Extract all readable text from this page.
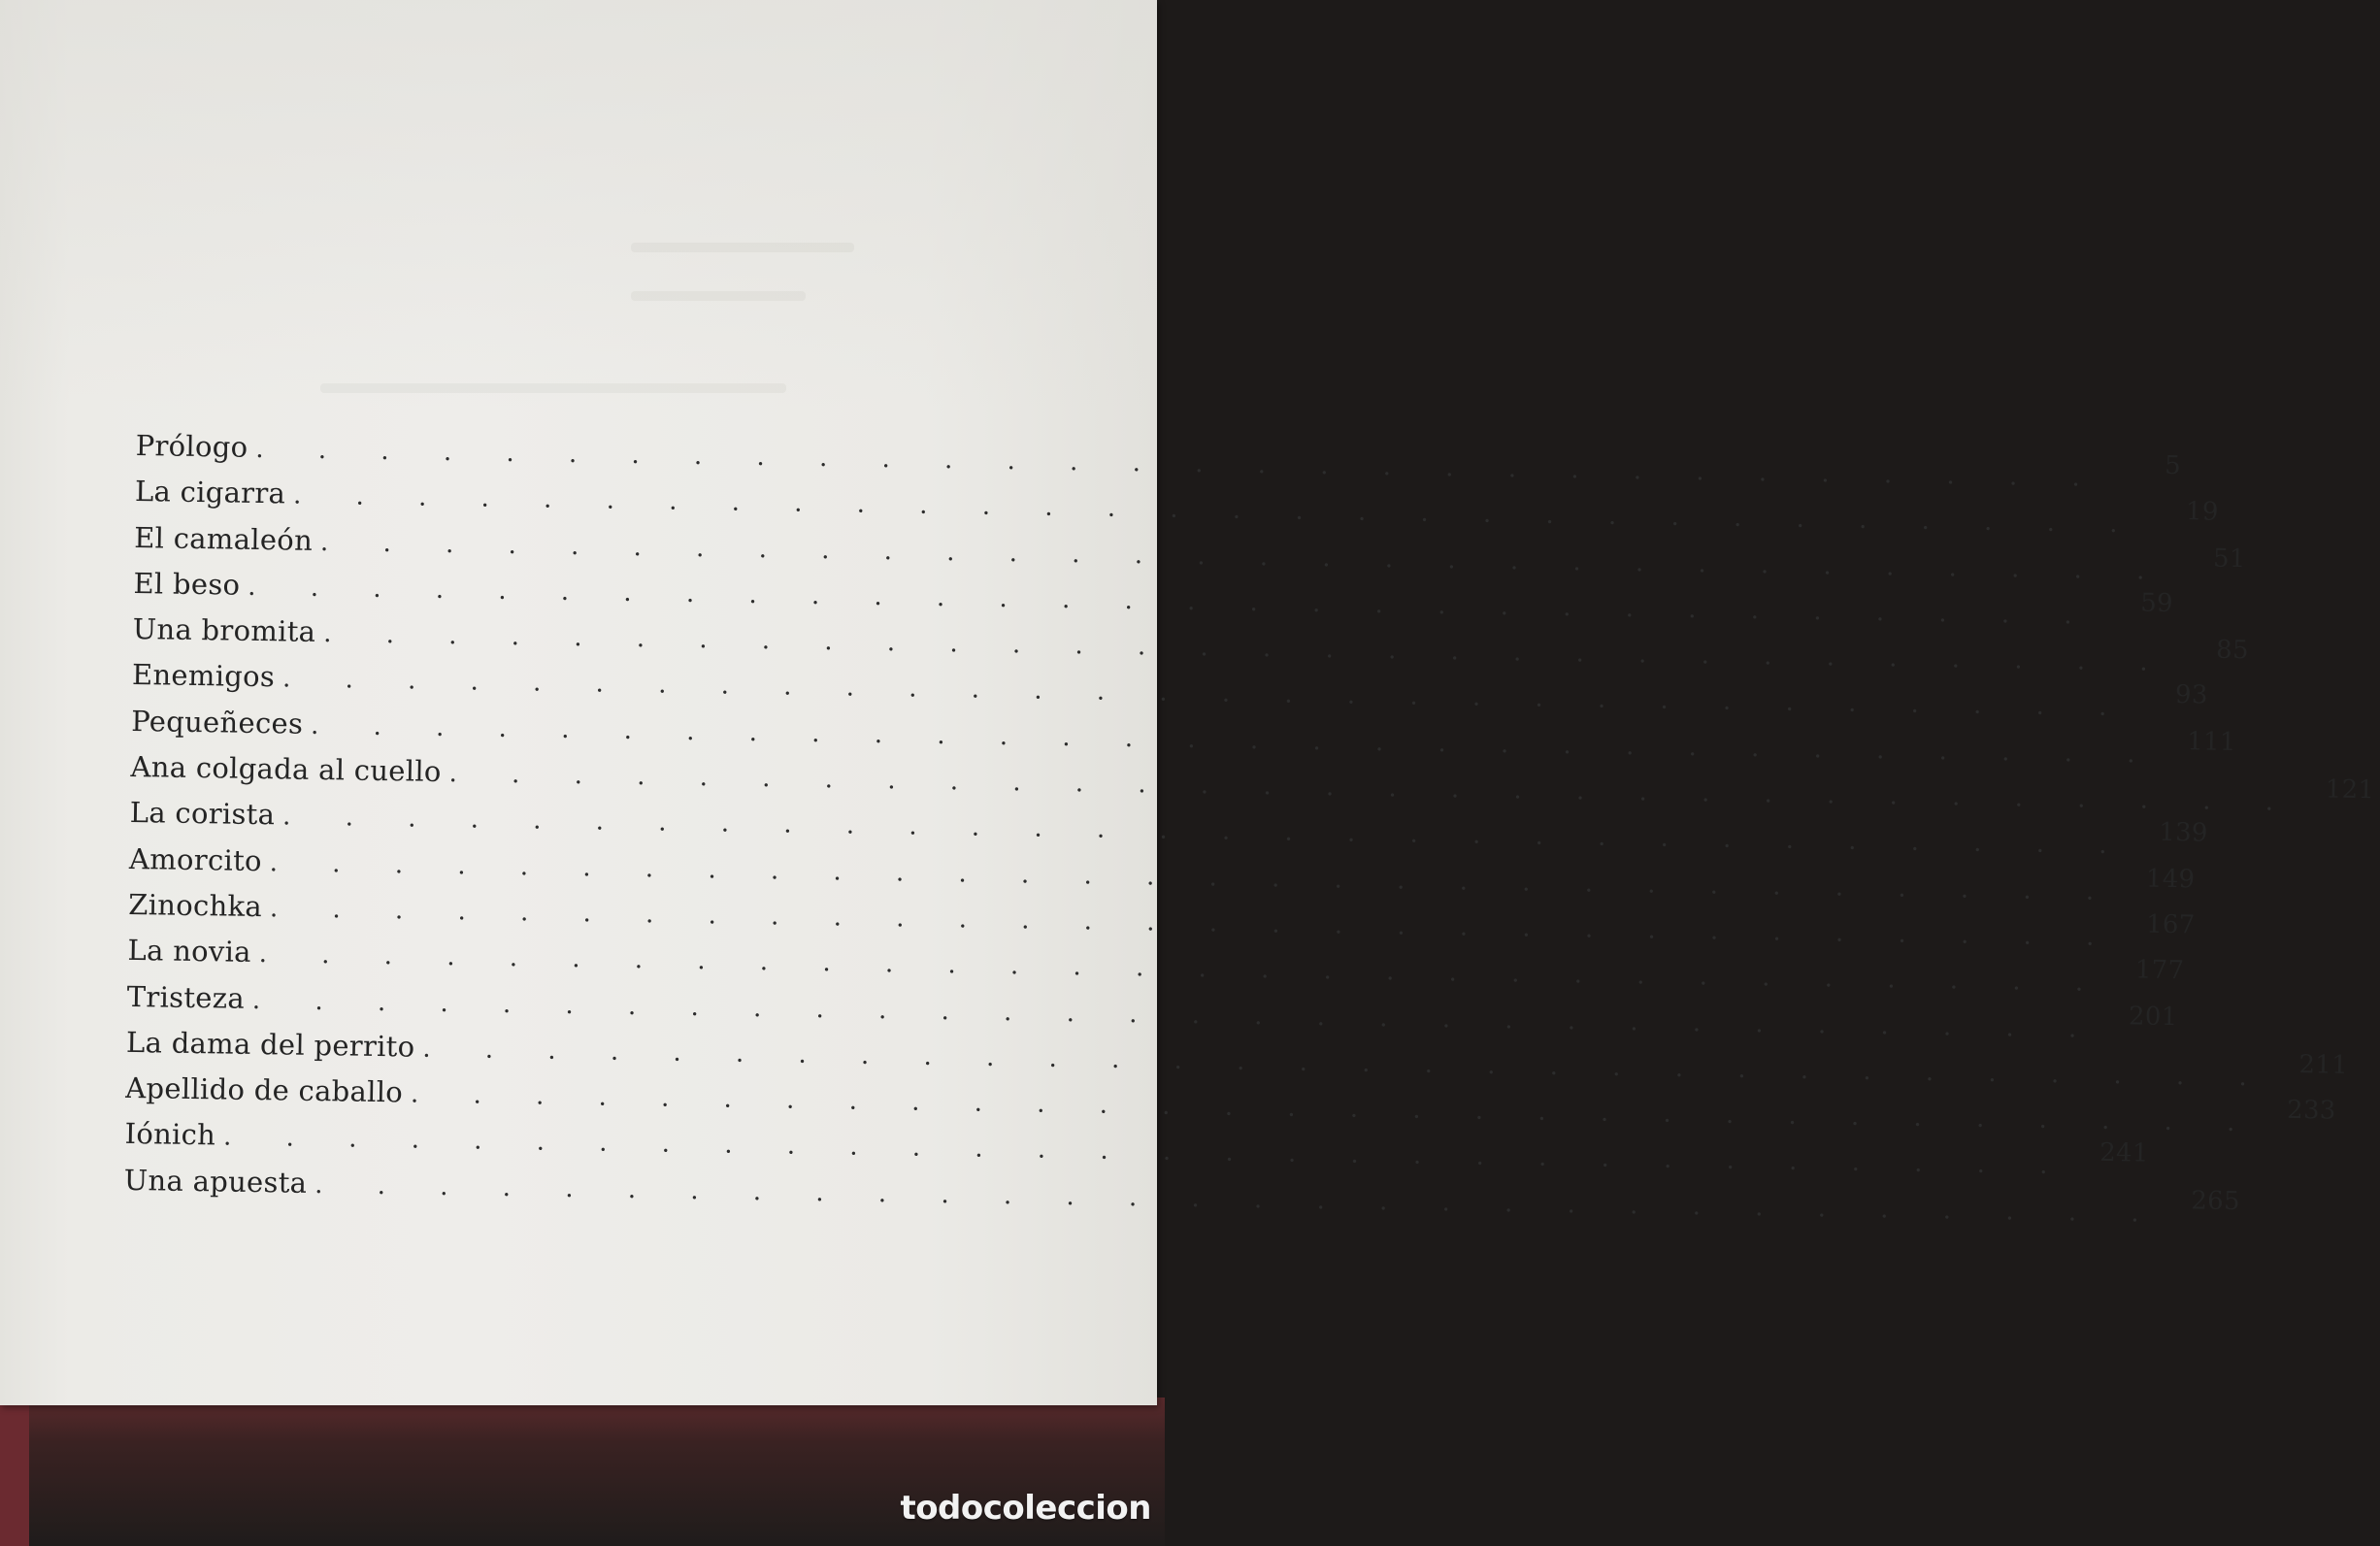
Prólogo . . . . . . . . . . . . . . . . . . . . . . . . . . . . . .	5
La cigarra . . . . . . . . . . . . . . . . . . . . . . . . . . . . . .	19
El camaleón . . . . . . . . . . . . . . . . . . . . . . . . . . . . . .	51
El beso . . . . . . . . . . . . . . . . . . . . . . . . . . . . . .	59
Una bromita . . . . . . . . . . . . . . . . . . . . . . . . . . . . . .	85
Enemigos . . . . . . . . . . . . . . . . . . . . . . . . . . . . . .	93
Pequeñeces . . . . . . . . . . . . . . . . . . . . . . . . . . . . . .	111
Ana colgada al cuello . . . . . . . . . . . . . . . . . . . . . . . . . . . . . .	121
La corista . . . . . . . . . . . . . . . . . . . . . . . . . . . . . .	139
Amorcito . . . . . . . . . . . . . . . . . . . . . . . . . . . . . .	149
Zinochka . . . . . . . . . . . . . . . . . . . . . . . . . . . . . .	167
La novia . . . . . . . . . . . . . . . . . . . . . . . . . . . . . .	177
Tristeza . . . . . . . . . . . . . . . . . . . . . . . . . . . . . .	201
La dama del perrito . . . . . . . . . . . . . . . . . . . . . . . . . . . . . .	211
Apellido de caballo . . . . . . . . . . . . . . . . . . . . . . . . . . . . . .	233
Iónich . . . . . . . . . . . . . . . . . . . . . . . . . . . . . .	241
Una apuesta . . . . . . . . . . . . . . . . . . . . . . . . . . . . . .	265
todocoleccion
